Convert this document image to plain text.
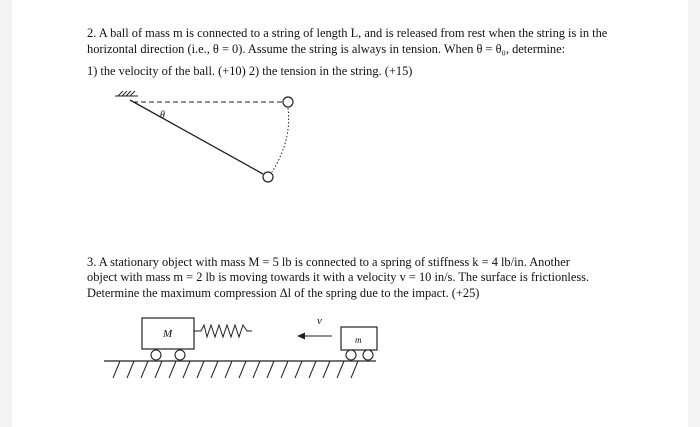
2. A ball of mass m is connected to a string of length L, and is released from rest when the string is in the
horizontal direction (i.e., θ = 0). Assume the string is always in tension. When θ = θ₀, determine:
1) the velocity of the ball. (+10) 2) the tension in the string. (+15)
3. A stationary object with mass M = 5 lb is connected to a spring of stiffness k = 4 lb/in. Another
object with mass m = 2 lb is moving towards it with a velocity v = 10 in/s. The surface is frictionless.
Determine the maximum compression Δl of the spring due to the impact. (+25)
θ
M	m
v
